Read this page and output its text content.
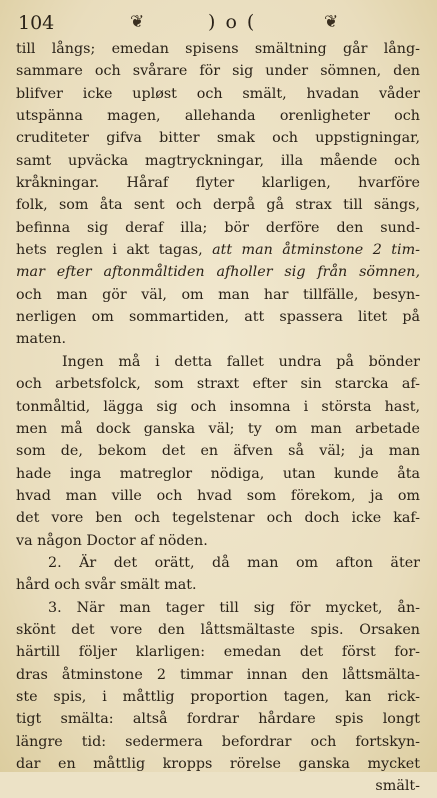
104	❦	) o (	❦
till långs; emedan spisens smältning går lång-
sammare och svårare för sig under sömnen, den
blifver icke upløst och smält, hvadan våder
utspänna magen, allehanda orenligheter och
cruditeter gifva bitter smak och uppstigningar,
samt upväcka magtryckningar, illa mående och
kråkningar. Håraf flyter klarligen, hvarföre
folk, som åta sent och derpå gå strax till sängs,
befinna sig deraf illa; bör derföre den sund-
hets reglen i akt tagas, att man åtminstone 2 tim-
mar efter aftonmåltiden afholler sig från sömnen,
och man gör väl, om man har tillfälle, besyn-
nerligen om sommartiden, att spassera litet på
maten.
Ingen må i detta fallet undra på bönder
och arbetsfolck, som straxt efter sin starcka af-
tonmåltid, lägga sig och insomna i största hast,
men må dock ganska väl; ty om man arbetade
som de, bekom det en äfven så väl; ja man
hade inga matreglor nödiga, utan kunde åta
hvad man ville och hvad som förekom, ja om
det vore ben och tegelstenar och doch icke kaf-
va någon Doctor af nöden.
2. Är det orätt, då man om afton äter
hård och svår smält mat.
3. När man tager till sig för mycket, ån-
skönt det vore den låttsmältaste spis. Orsaken
härtill följer klarligen: emedan det först for-
dras åtminstone 2 timmar innan den låttsmälta-
ste spis, i måttlig proportion tagen, kan rick-
tigt smälta: altså fordrar hårdare spis longt
längre tid: sedermera befordrar och fortskyn-
dar en måttlig kropps rörelse ganska mycket
smält-
